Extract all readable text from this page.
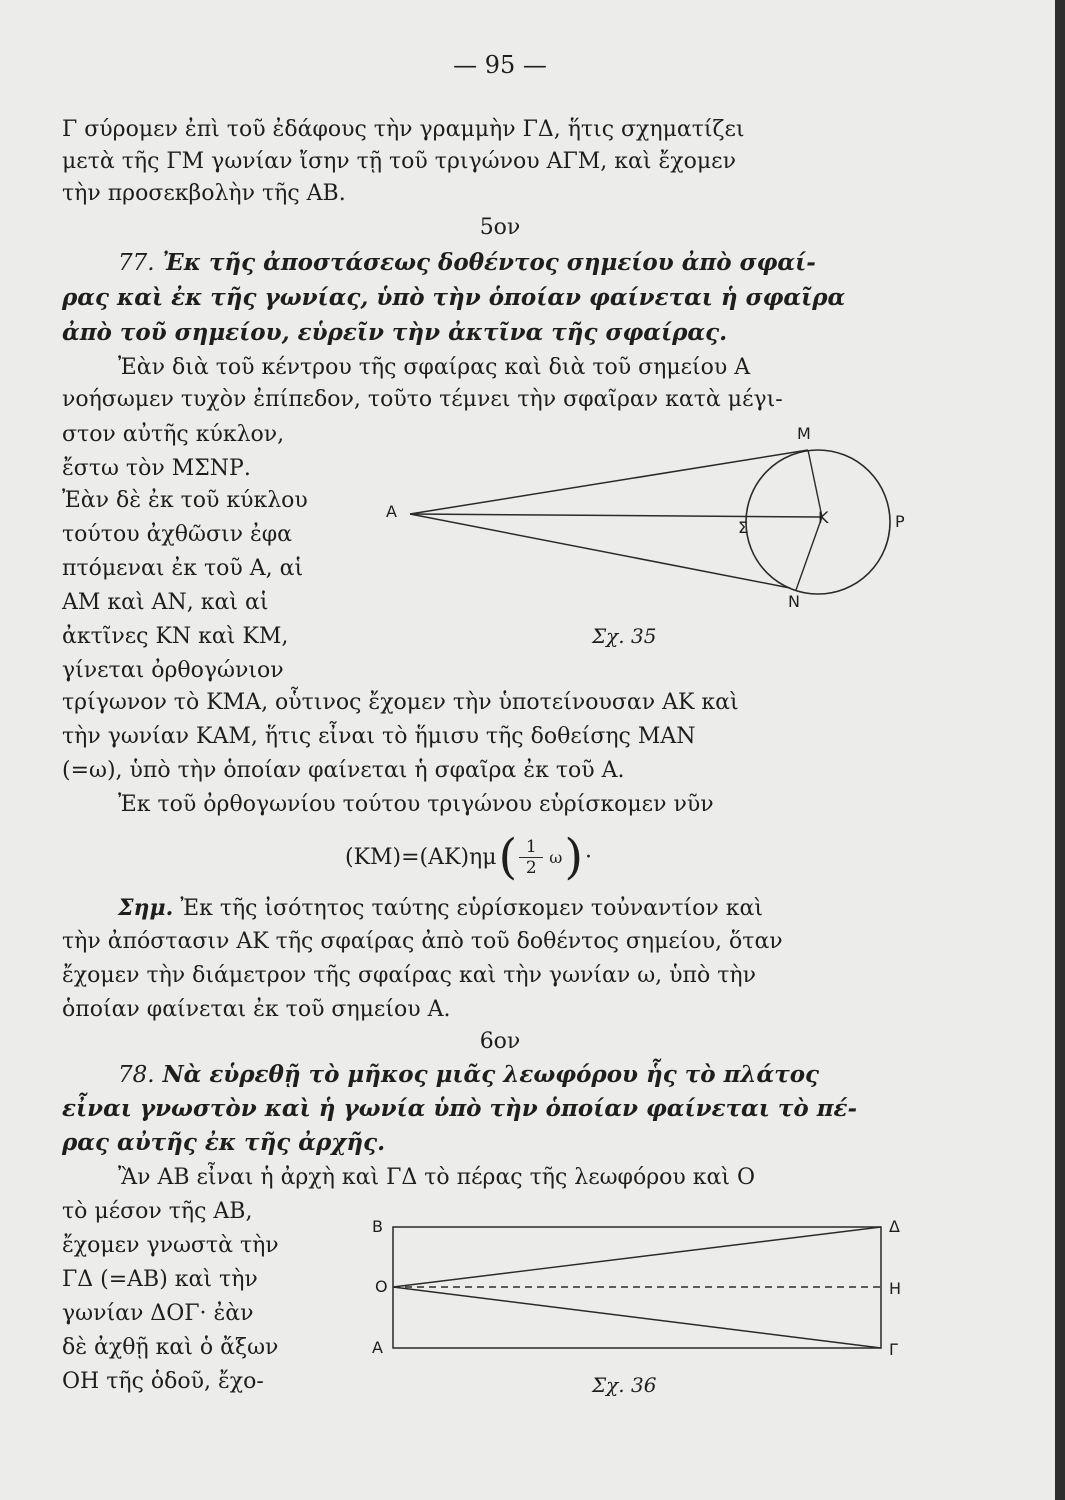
— 95 —
Γ σύρομεν ἐπὶ τοῦ ἐδάφους τὴν γραμμὴν ΓΔ, ἥτις σχηματίζει
μετὰ τῆς ΓΜ γωνίαν ἴσην τῇ τοῦ τριγώνου ΑΓΜ, καὶ ἔχομεν
τὴν προσεκβολὴν τῆς ΑΒ.
5ον
77. Ἐκ τῆς ἀποστάσεως δοθέντος σημείου ἀπὸ σφαί-
ρας καὶ ἐκ τῆς γωνίας, ὑπὸ τὴν ὁποίαν φαίνεται ἡ σφαῖρα
ἀπὸ τοῦ σημείου, εὑρεῖν τὴν ἀκτῖνα τῆς σφαίρας.
Ἐὰν διὰ τοῦ κέντρου τῆς σφαίρας καὶ διὰ τοῦ σημείου Α
νοήσωμεν τυχὸν ἐπίπεδον, τοῦτο τέμνει τὴν σφαῖραν κατὰ μέγι-
στον αὐτῆς κύκλον,
ἔστω τὸν ΜΣΝΡ.
Ἐὰν δὲ ἐκ τοῦ κύκλου
τούτου ἀχθῶσιν ἐφα
πτόμεναι ἐκ τοῦ Α, αἱ
ΑΜ καὶ ΑΝ, καὶ αἱ
ἀκτῖνες ΚΝ καὶ ΚΜ,
γίνεται ὀρθογώνιον
Μ
Α
Σ
Κ	Ρ
Ν
Σχ. 35
τρίγωνον τὸ ΚΜΑ, οὗτινος ἔχομεν τὴν ὑποτείνουσαν ΑΚ καὶ
τὴν γωνίαν ΚΑΜ, ἥτις εἶναι τὸ ἥμισυ τῆς δοθείσης ΜΑΝ
(=ω), ὑπὸ τὴν ὁποίαν φαίνεται ἡ σφαῖρα ἐκ τοῦ Α.
Ἐκ τοῦ ὀρθογωνίου τούτου τριγώνου εὑρίσκομεν νῦν
(ΚΜ)=(ΑΚ)ημ ( 1
2
ω ) ·
Σημ. Ἐκ τῆς ἰσότητος ταύτης εὑρίσκομεν τοὐναντίον καὶ
τὴν ἀπόστασιν ΑΚ τῆς σφαίρας ἀπὸ τοῦ δοθέντος σημείου, ὅταν
ἔχομεν τὴν διάμετρον τῆς σφαίρας καὶ τὴν γωνίαν ω, ὑπὸ τὴν
ὁποίαν φαίνεται ἐκ τοῦ σημείου Α.
6ον
78. Νὰ εὑρεθῇ τὸ μῆκος μιᾶς λεωφόρου ἧς τὸ πλάτος
εἶναι γνωστὸν καὶ ἡ γωνία ὑπὸ τὴν ὁποίαν φαίνεται τὸ πέ-
ρας αὐτῆς ἐκ τῆς ἀρχῆς.
Ἂν ΑΒ εἶναι ἡ ἀρχὴ καὶ ΓΔ τὸ πέρας τῆς λεωφόρου καὶ Ο
τὸ μέσον τῆς ΑΒ,
ἔχομεν γνωστὰ τὴν
ΓΔ (=ΑΒ) καὶ τὴν
γωνίαν ΔΟΓ· ἐὰν
δὲ ἀχθῇ καὶ ὁ ἄξων
ΟΗ τῆς ὁδοῦ, ἔχο-
Β	Δ
Ο	Η
Α	Γ
Σχ. 36
